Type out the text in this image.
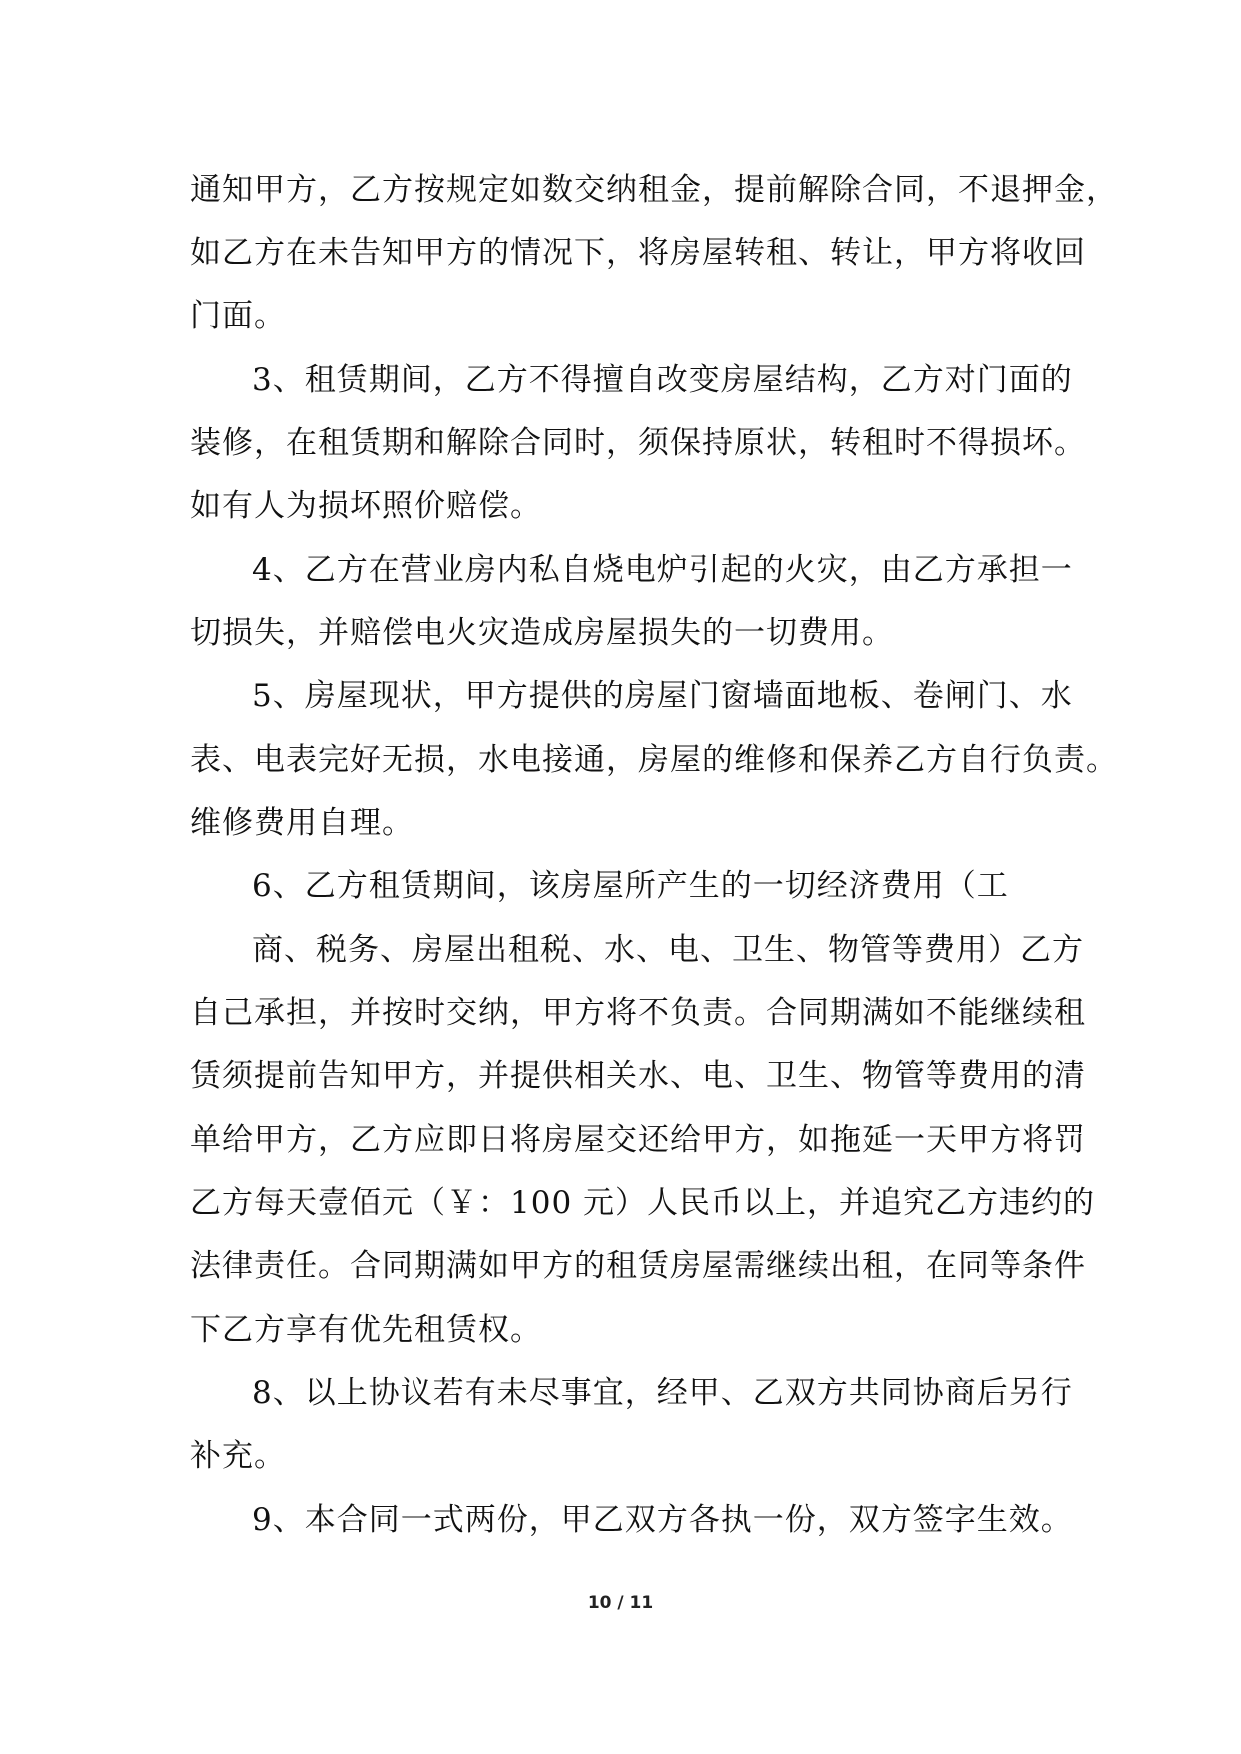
通知甲方，乙方按规定如数交纳租金，提前解除合同，不退押金，
如乙方在未告知甲方的情况下，将房屋转租、转让，甲方将收回
门面。
3、租赁期间，乙方不得擅自改变房屋结构，乙方对门面的
装修，在租赁期和解除合同时，须保持原状，转租时不得损坏。
如有人为损坏照价赔偿。
4、乙方在营业房内私自烧电炉引起的火灾，由乙方承担一
切损失，并赔偿电火灾造成房屋损失的一切费用。
5、房屋现状，甲方提供的房屋门窗墙面地板、卷闸门、水
表、电表完好无损，水电接通，房屋的维修和保养乙方自行负责。
维修费用自理。
6、乙方租赁期间，该房屋所产生的一切经济费用（工
商、税务、房屋出租税、水、电、卫生、物管等费用）乙方
自己承担，并按时交纳，甲方将不负责。合同期满如不能继续租
赁须提前告知甲方，并提供相关水、电、卫生、物管等费用的清
单给甲方，乙方应即日将房屋交还给甲方，如拖延一天甲方将罚
乙方每天壹佰元（￥：100 元）人民币以上，并追究乙方违约的
法律责任。合同期满如甲方的租赁房屋需继续出租，在同等条件
下乙方享有优先租赁权。
8、以上协议若有未尽事宜，经甲、乙双方共同协商后另行
补充。
9、本合同一式两份，甲乙双方各执一份，双方签字生效。
10 / 11
